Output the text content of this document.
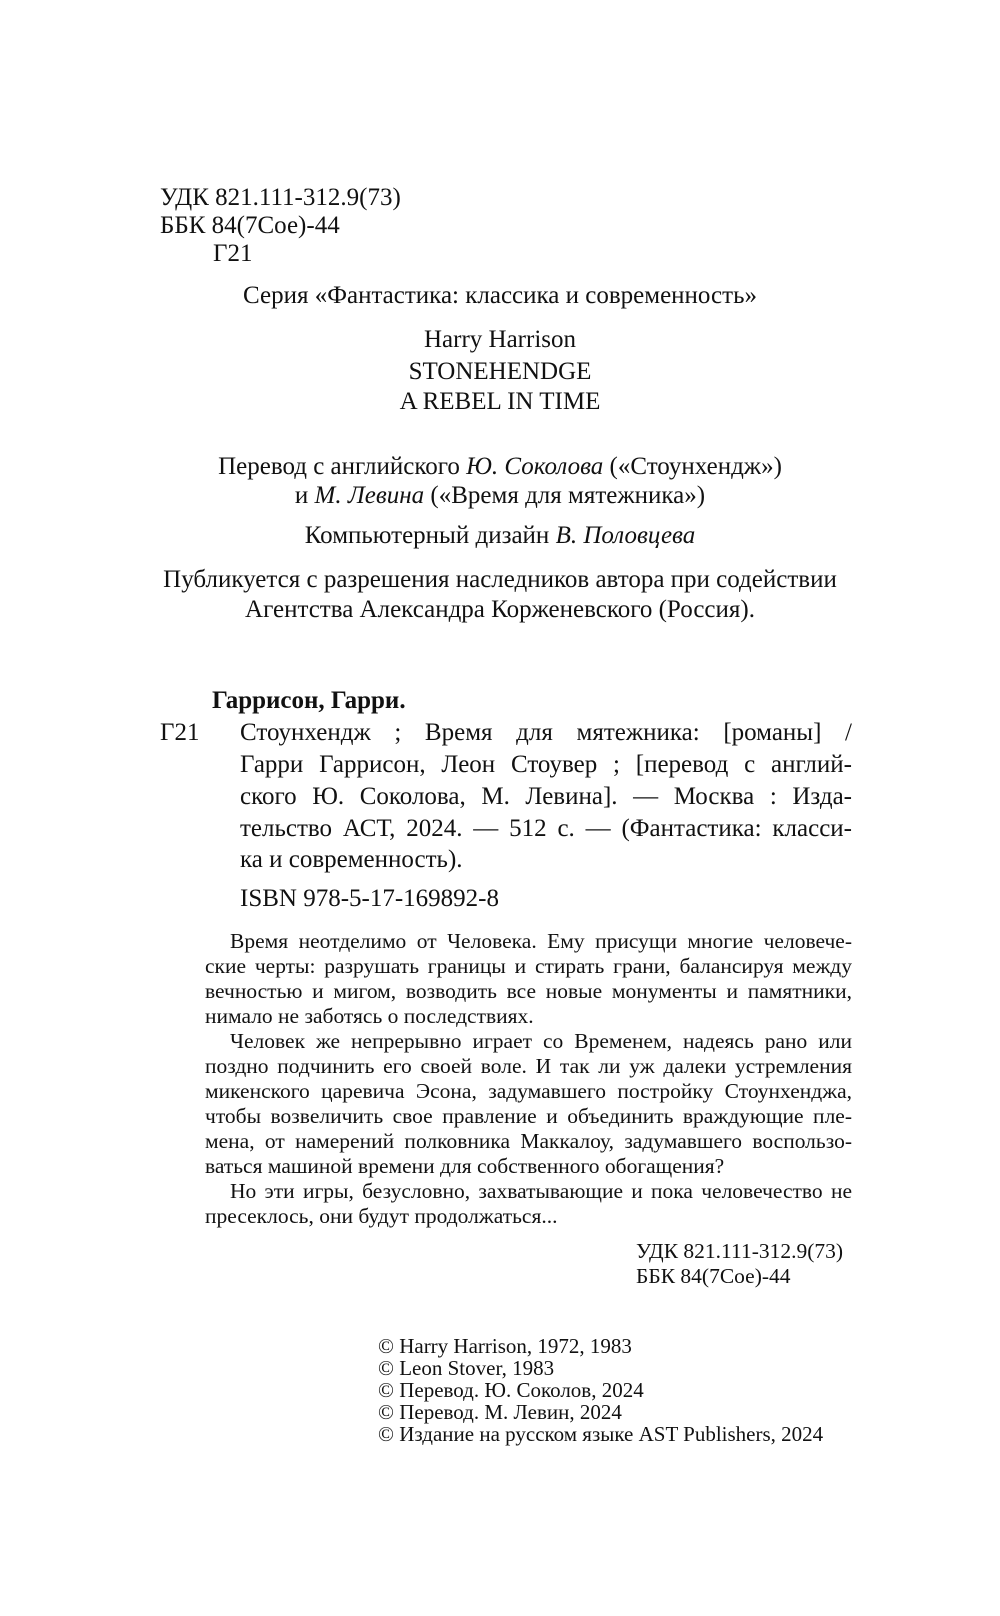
УДК 821.111-312.9(73)
ББК 84(7Сое)-44
Г21
Серия «Фантастика: классика и современность»
Harry Harrison
STONEHENDGE
A REBEL IN TIME
Перевод с английского Ю. Соколова («Стоунхендж»)
и М. Левина («Время для мятежника»)
Компьютерный дизайн В. Половцева
Публикуется с разрешения наследников автора при содействии
Агентства Александра Корженевского (Россия).
Гаррисон, Гарри.
Г21 Стоунхендж ; Время для мятежника: [романы] /
Гарри Гаррисон, Леон Стоувер ; [перевод с англий-
ского Ю. Соколова, М. Левина]. — Москва : Изда-
тельство АСТ, 2024. — 512 с. — (Фантастика: класси-
ка и современность).
ISBN 978-5-17-169892-8
Время неотделимо от Человека. Ему присущи многие человече-
ские черты: разрушать границы и стирать грани, балансируя между
вечностью и мигом, возводить все новые монументы и памятники,
нимало не заботясь о последствиях.
Человек же непрерывно играет со Временем, надеясь рано или
поздно подчинить его своей воле. И так ли уж далеки устремления
микенского царевича Эсона, задумавшего постройку Стоунхенджа,
чтобы возвеличить свое правление и объединить враждующие пле-
мена, от намерений полковника Маккалоу, задумавшего воспользо-
ваться машиной времени для собственного обогащения?
Но эти игры, безусловно, захватывающие и пока человечество не
пресеклось, они будут продолжаться...
УДК 821.111-312.9(73)
ББК 84(7Сое)-44
© Harry Harrison, 1972, 1983
© Leon Stover, 1983
© Перевод. Ю. Соколов, 2024
© Перевод. М. Левин, 2024
© Издание на русском языке AST Publishers, 2024
